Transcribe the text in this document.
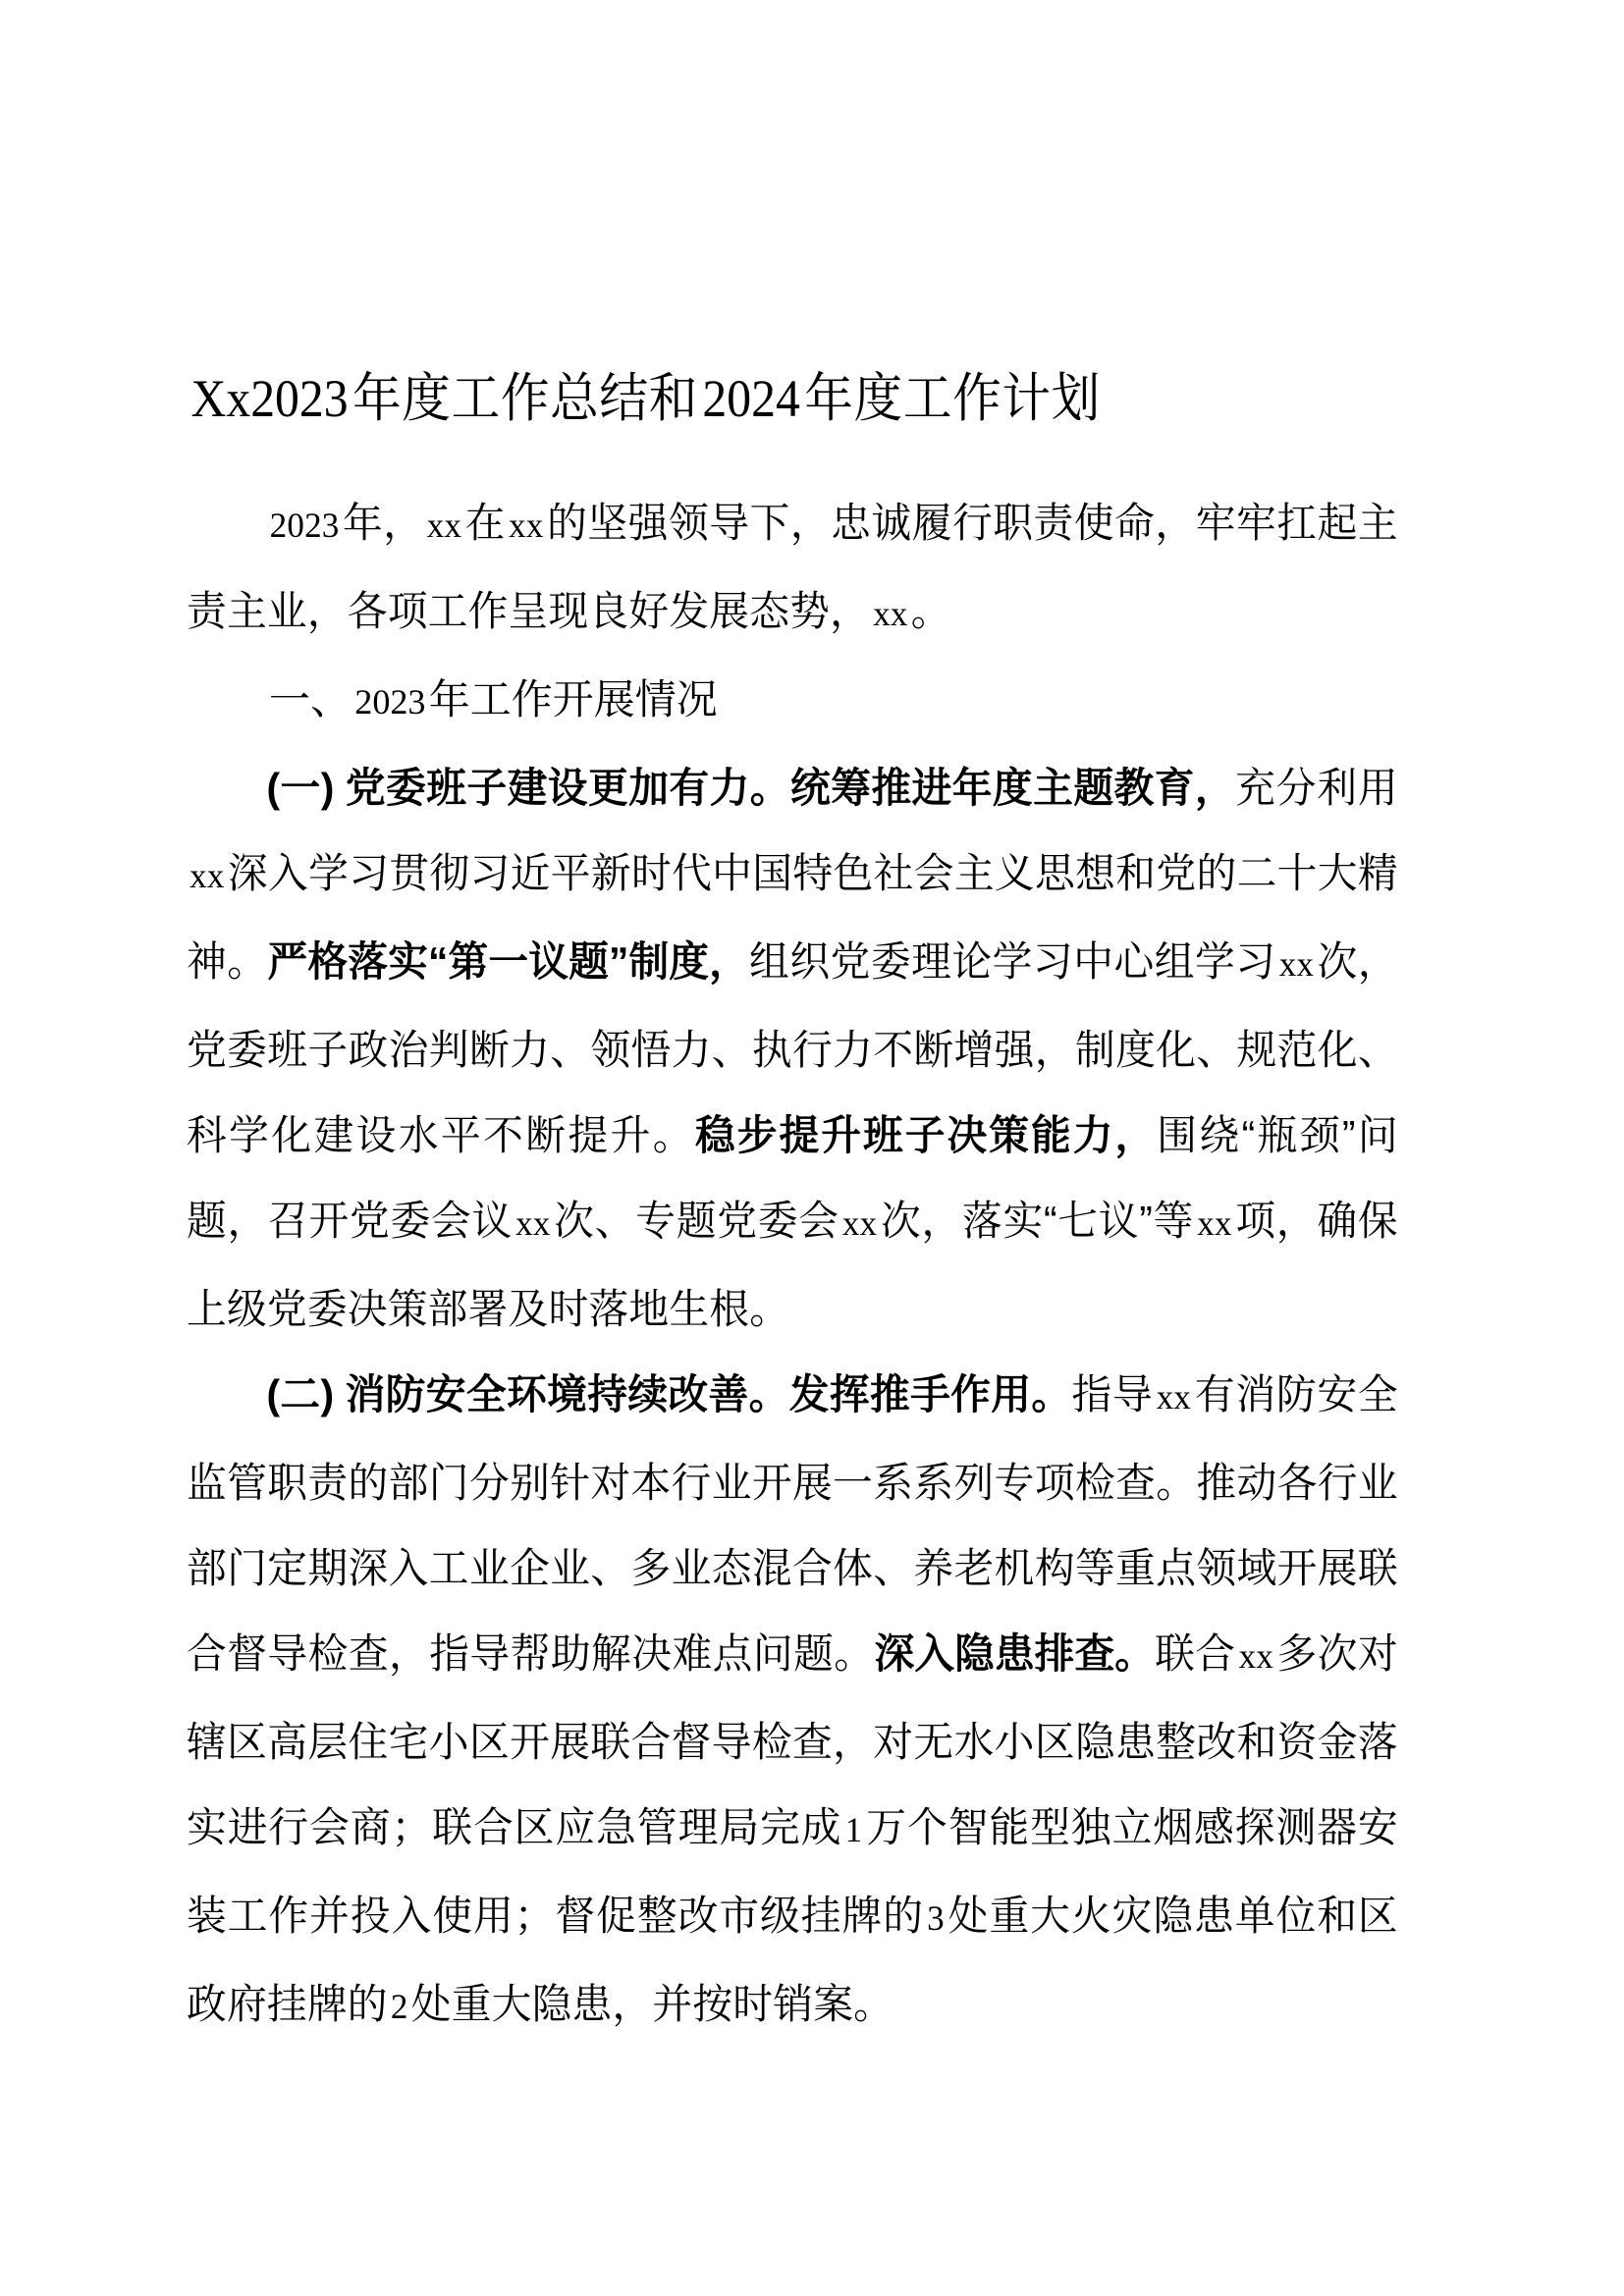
Xx2023年度工作总结和2024年度工作计划

2023年，xx在xx的坚强领导下，忠诚履行职责使命，牢牢扛起主责主业，各项工作呈现良好发展态势，xx。

一、2023年工作开展情况

(一) 党委班子建设更加有力。统筹推进年度主题教育，充分利用xx深入学习贯彻习近平新时代中国特色社会主义思想和党的二十大精神。严格落实“第一议题”制度，组织党委理论学习中心组学习xx次，党委班子政治判断力、领悟力、执行力不断增强，制度化、规范化、科学化建设水平不断提升。稳步提升班子决策能力，围绕“瓶颈”问题，召开党委会议xx次、专题党委会xx次，落实“七议”等xx项，确保上级党委决策部署及时落地生根。

(二) 消防安全环境持续改善。发挥推手作用。指导xx有消防安全监管职责的部门分别针对本行业开展一系系列专项检查。推动各行业部门定期深入工业企业、多业态混合体、养老机构等重点领域开展联合督导检查，指导帮助解决难点问题。深入隐患排查。联合xx多次对辖区高层住宅小区开展联合督导检查，对无水小区隐患整改和资金落实进行会商；联合区应急管理局完成1万个智能型独立烟感探测器安装工作并投入使用；督促整改市级挂牌的3处重大火灾隐患单位和区政府挂牌的2处重大隐患，并按时销案。
